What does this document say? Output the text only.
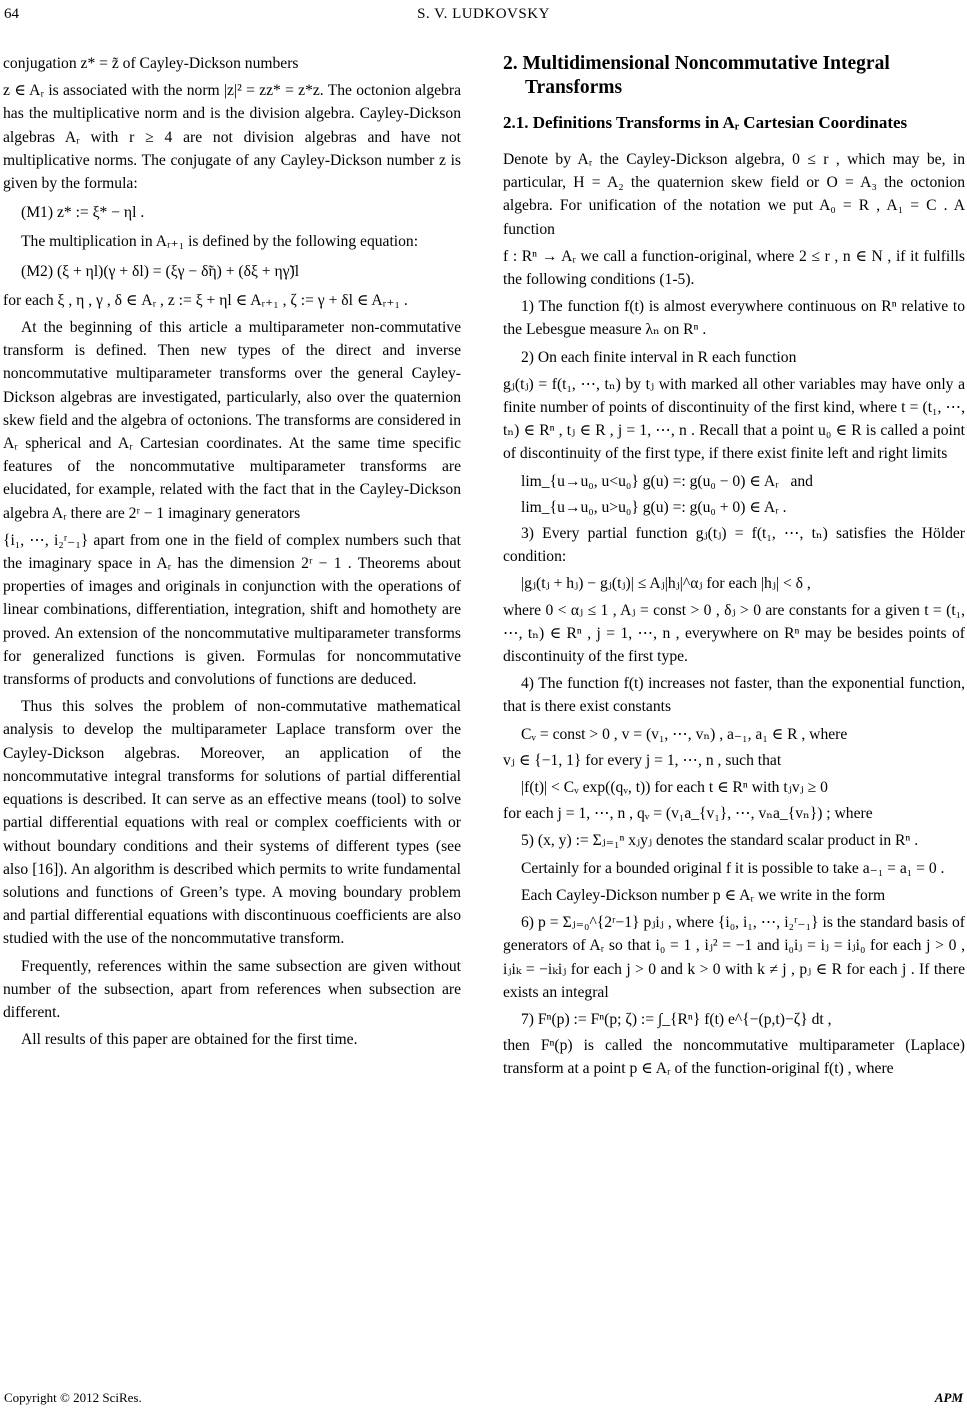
64	S. V. LUDKOVSKY

conjugation z* = z̃ of Cayley-Dickson numbers

z ∈ Aᵣ is associated with the norm |z|² = zz* = z*z. The octonion algebra has the multiplicative norm and is the division algebra. Cayley-Dickson algebras Aᵣ with r ≥ 4 are not division algebras and have not multiplicative norms. The conjugate of any Cayley-Dickson number z is given by the formula:

(M1) z* := ξ* − ηl .

The multiplication in Aᵣ₊₁ is defined by the following equation:

(M2) (ξ + ηl)(γ + δl) = (ξγ − δ̃η) + (δξ + ηγ̃)l

for each ξ , η , γ , δ ∈ Aᵣ , z := ξ + ηl ∈ Aᵣ₊₁ , ζ := γ + δl ∈ Aᵣ₊₁ .

At the beginning of this article a multiparameter non-commutative transform is defined. Then new types of the direct and inverse noncommutative multiparameter transforms over the general Cayley-Dickson algebras are investigated, particularly, also over the quaternion skew field and the algebra of octonions. The transforms are considered in Aᵣ spherical and Aᵣ Cartesian coordinates. At the same time specific features of the noncommutative multiparameter transforms are elucidated, for example, related with the fact that in the Cayley-Dickson algebra Aᵣ there are 2ʳ − 1 imaginary generators

{i₁, ⋯, i₂ʳ₋₁} apart from one in the field of complex numbers such that the imaginary space in Aᵣ has the dimension 2ʳ − 1 . Theorems about properties of images and originals in conjunction with the operations of linear combinations, differentiation, integration, shift and homothety are proved. An extension of the noncommutative multiparameter transforms for generalized functions is given. Formulas for noncommutative transforms of products and convolutions of functions are deduced.

Thus this solves the problem of non-commutative mathematical analysis to develop the multiparameter Laplace transform over the Cayley-Dickson algebras. Moreover, an application of the noncommutative integral transforms for solutions of partial differential equations is described. It can serve as an effective means (tool) to solve partial differential equations with real or complex coefficients with or without boundary conditions and their systems of different types (see also [16]). An algorithm is described which permits to write fundamental solutions and functions of Green’s type. A moving boundary problem and partial differential equations with discontinuous coefficients are also studied with the use of the noncommutative transform.

Frequently, references within the same subsection are given without number of the subsection, apart from references when subsection are different.

All results of this paper are obtained for the first time.

2. Multidimensional Noncommutative Integral Transforms
2.1. Definitions Transforms in Aᵣ Cartesian Coordinates

Denote by Aᵣ the Cayley-Dickson algebra, 0 ≤ r , which may be, in particular, H = A₂ the quaternion skew field or O = A₃ the octonion algebra. For unification of the notation we put A₀ = R , A₁ = C . A function

f : Rⁿ → Aᵣ we call a function-original, where 2 ≤ r , n ∈ N , if it fulfills the following conditions (1-5).

1) The function f(t) is almost everywhere continuous on Rⁿ relative to the Lebesgue measure λₙ on Rⁿ .

2) On each finite interval in R each function

gⱼ(tⱼ) = f(t₁, ⋯, tₙ) by tⱼ with marked all other variables may have only a finite number of points of discontinuity of the first kind, where t = (t₁, ⋯, tₙ) ∈ Rⁿ , tⱼ ∈ R , j = 1, ⋯, n . Recall that a point u₀ ∈ R is called a point of discontinuity of the first type, if there exist finite left and right limits

lim_{u→u₀, u<u₀} g(u) =: g(u₀ − 0) ∈ Aᵣ and

lim_{u→u₀, u>u₀} g(u) =: g(u₀ + 0) ∈ Aᵣ .

3) Every partial function gⱼ(tⱼ) = f(t₁, ⋯, tₙ) satisfies the Hölder condition:

|gⱼ(tⱼ + hⱼ) − gⱼ(tⱼ)| ≤ Aⱼ|hⱼ|^αⱼ for each |hⱼ| < δ ,

where 0 < αⱼ ≤ 1 , Aⱼ = const > 0 , δⱼ > 0 are constants for a given t = (t₁, ⋯, tₙ) ∈ Rⁿ , j = 1, ⋯, n , everywhere on Rⁿ may be besides points of discontinuity of the first type.

4) The function f(t) increases not faster, than the exponential function, that is there exist constants

Cᵥ = const > 0 , v = (v₁, ⋯, vₙ) , a₋₁, a₁ ∈ R , where

vⱼ ∈ {−1, 1} for every j = 1, ⋯, n , such that

|f(t)| < Cᵥ exp((qᵥ, t)) for each t ∈ Rⁿ with tⱼvⱼ ≥ 0

for each j = 1, ⋯, n , qᵥ = (v₁a_{v₁}, ⋯, vₙa_{vₙ}) ; where

5) (x, y) := Σⱼ₌₁ⁿ xⱼyⱼ denotes the standard scalar product in Rⁿ .

Certainly for a bounded original f it is possible to take a₋₁ = a₁ = 0 .

Each Cayley-Dickson number p ∈ Aᵣ we write in the form

6) p = Σⱼ₌₀^{2ʳ−1} pⱼiⱼ , where {i₀, i₁, ⋯, i₂ʳ₋₁} is the standard basis of generators of Aᵣ so that i₀ = 1 , iⱼ² = −1 and i₀iⱼ = iⱼ = iⱼi₀ for each j > 0 , iⱼiₖ = −iₖiⱼ for each j > 0 and k > 0 with k ≠ j , pⱼ ∈ R for each j . If there exists an integral

7) Fⁿ(p) := Fⁿ(p; ζ) := ∫_{Rⁿ} f(t) e^{−(p,t)−ζ} dt ,

then Fⁿ(p) is called the noncommutative multiparameter (Laplace) transform at a point p ∈ Aᵣ of the function-original f(t) , where

Copyright © 2012 SciRes.	APM
